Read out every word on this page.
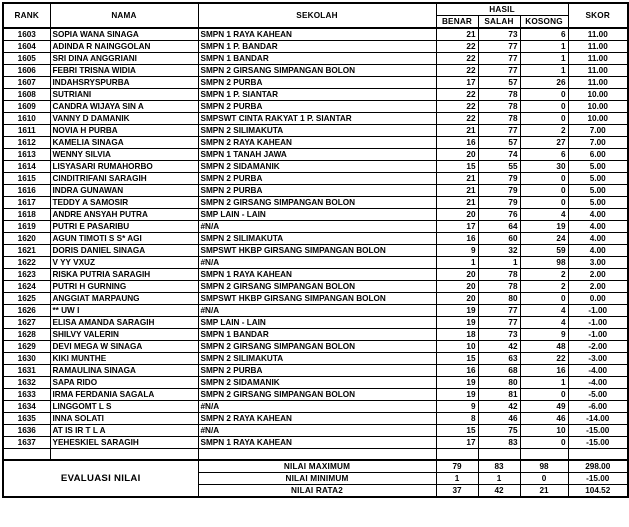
RANK	NAMA	SEKOLAH	HASIL			SKOR
			BENAR	SALAH	KOSONG	
1603	SOPIA WANA SINAGA	SMPN 1 RAYA KAHEAN	21	73	6	11.00
1604	ADINDA R NAINGGOLAN	SMPN 1 P. BANDAR	22	77	1	11.00
1605	SRI DINA ANGGRIANI	SMPN 1 BANDAR	22	77	1	11.00
1606	FEBRI TRISNA WIDIA	SMPN 2 GIRSANG SIMPANGAN BOLON	22	77	1	11.00
1607	INDAHSRYSPURBA	SMPN 2 PURBA	17	57	26	11.00
1608	SUTRIANI	SMPN 1 P. SIANTAR	22	78	0	10.00
1609	CANDRA WIJAYA SIN A	SMPN 2 PURBA	22	78	0	10.00
1610	VANNY D DAMANIK	SMPSWT CINTA RAKYAT 1 P. SIANTAR	22	78	0	10.00
1611	NOVIA H PURBA	SMPN 2 SILIMAKUTA	21	77	2	7.00
1612	KAMELIA SINAGA	SMPN 2 RAYA KAHEAN	16	57	27	7.00
1613	WENNY SILVIA	SMPN 1 TANAH JAWA	20	74	6	6.00
1614	LISYASARI RUMAHORBO	SMPN 2 SIDAMANIK	15	55	30	5.00
1615	CINDITRIFANI SARAGIH	SMPN 2 PURBA	21	79	0	5.00
1616	INDRA GUNAWAN	SMPN 2 PURBA	21	79	0	5.00
1617	TEDDY A SAMOSIR	SMPN 2 GIRSANG SIMPANGAN BOLON	21	79	0	5.00
1618	ANDRE ANSYAH PUTRA	SMP LAIN - LAIN	20	76	4	4.00
1619	PUTRI E PASARIBU	#N/A	17	64	19	4.00
1620	AGUN TIMOTI S S* AGI	SMPN 2 SILIMAKUTA	16	60	24	4.00
1621	DORIS DANIEL SINAGA	SMPSWT HKBP GIRSANG SIMPANGAN BOLON	9	32	59	4.00
1622	V YY VXUZ	#N/A	1	1	98	3.00
1623	RISKA PUTRIA SARAGIH	SMPN 1 RAYA KAHEAN	20	78	2	2.00
1624	PUTRI H GURNING	SMPN 2 GIRSANG SIMPANGAN BOLON	20	78	2	2.00
1625	ANGGIAT MARPAUNG	SMPSWT HKBP GIRSANG SIMPANGAN BOLON	20	80	0	0.00
1626	** UW I	#N/A	19	77	4	-1.00
1627	ELISA AMANDA SARAGIH	SMP LAIN - LAIN	19	77	4	-1.00
1628	SHILVY VALERIN	SMPN 1 BANDAR	18	73	9	-1.00
1629	DEVI MEGA W SINAGA	SMPN 2 GIRSANG SIMPANGAN BOLON	10	42	48	-2.00
1630	KIKI MUNTHE	SMPN 2 SILIMAKUTA	15	63	22	-3.00
1631	RAMAULINA SINAGA	SMPN 2 PURBA	16	68	16	-4.00
1632	SAPA RIDO	SMPN 2 SIDAMANIK	19	80	1	-4.00
1633	IRMA FERDANIA SAGALA	SMPN 2 GIRSANG SIMPANGAN BOLON	19	81	0	-5.00
1634	LINGGOMT L S	#N/A	9	42	49	-6.00
1635	INNA SOLATI	SMPN 2 RAYA KAHEAN	8	46	46	-14.00
1636	AT IS IR T L A	#N/A	15	75	10	-15.00
1637	YEHESKIEL SARAGIH	SMPN 1 RAYA KAHEAN	17	83	0	-15.00

EVALUASI NILAI		NILAI MAXIMUM	79	83	98	298.00
		NILAI MINIMUM	1	1	0	-15.00
		NILAI RATA2	37	42	21	104.52
